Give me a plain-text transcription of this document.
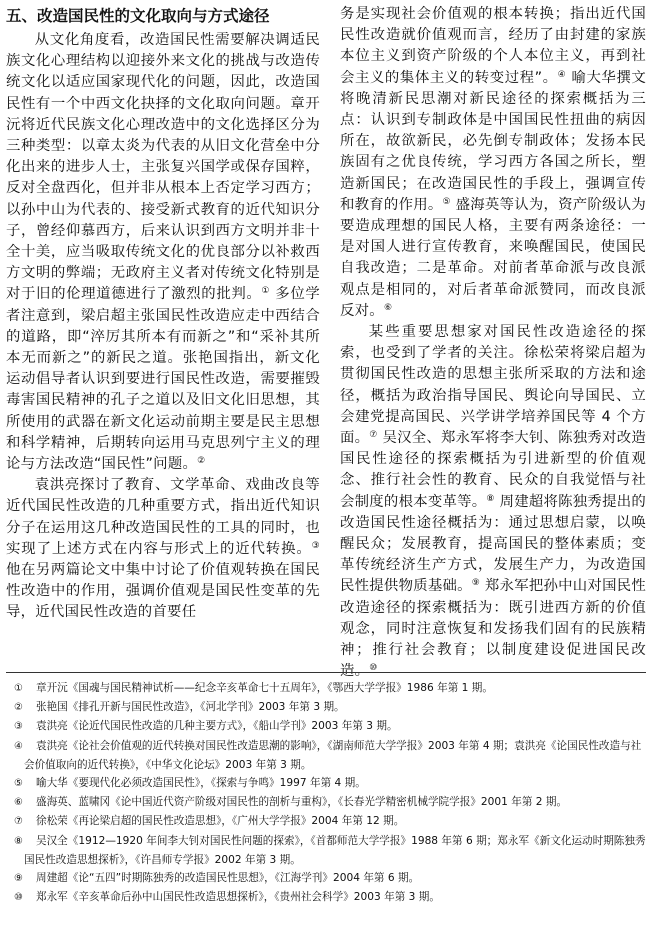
五、改造国民性的文化取向与方式途径

从文化角度看，改造国民性需要解决调适民族文化心理结构以迎接外来文化的挑战与改造传统文化以适应国家现代化的问题，因此，改造国民性有一个中西文化抉择的文化取向问题。章开沅将近代民族文化心理改造中的文化选择区分为三种类型：以章太炎为代表的从旧文化营垒中分化出来的进步人士，主张复兴国学或保存国粹，反对全盘西化，但并非从根本上否定学习西方；以孙中山为代表的、接受新式教育的近代知识分子，曾经仰慕西方，后来认识到西方文明并非十全十美，应当吸取传统文化的优良部分以补救西方文明的弊端；无政府主义者对传统文化特别是对于旧的伦理道德进行了激烈的批判。① 多位学者注意到，梁启超主张国民性改造应走中西结合的道路，即“淬厉其所本有而新之”和“采补其所本无而新之”的新民之道。张艳国指出，新文化运动倡导者认识到要进行国民性改造，需要摧毁毒害国民精神的孔子之道以及旧文化旧思想，其所使用的武器在新文化运动前期主要是民主思想和科学精神，后期转向运用马克思列宁主义的理论与方法改造“国民性”问题。②

袁洪亮探讨了教育、文学革命、戏曲改良等近代国民性改造的几种重要方式，指出近代知识分子在运用这几种改造国民性的工具的同时，也实现了上述方式在内容与形式上的近代转换。③ 他在另两篇论文中集中讨论了价值观转换在国民性改造中的作用，强调价值观是国民性变革的先导，近代国民性改造的首要任

务是实现社会价值观的根本转换；指出近代国民性改造就价值观而言，经历了由封建的家族本位主义到资产阶级的个人本位主义，再到社会主义的集体主义的转变过程”。④ 喻大华撰文将晚清新民思潮对新民途径的探索概括为三点：认识到专制政体是中国国民性扭曲的病因所在，故欲新民，必先倒专制政体；发扬本民族固有之优良传统，学习西方各国之所长，塑造新国民；在改造国民性的手段上，强调宣传和教育的作用。⑤ 盛海英等认为，资产阶级认为要造成理想的国民人格，主要有两条途径：一是对国人进行宣传教育，来唤醒国民，使国民自我改造；二是革命。对前者革命派与改良派观点是相同的，对后者革命派赞同，而改良派反对。⑥

某些重要思想家对国民性改造途径的探索，也受到了学者的关注。徐松荣将梁启超为贯彻国民性改造的思想主张所采取的方法和途径，概括为政治指导国民、舆论向导国民、立会建党提高国民、兴学讲学培养国民等 4 个方面。⑦ 吴汉全、郑永军将李大钊、陈独秀对改造国民性途径的探索概括为引进新型的价值观念、推行社会性的教育、民众的自我觉悟与社会制度的根本变革等。⑧ 周建超将陈独秀提出的改造国民性途径概括为：通过思想启蒙，以唤醒民众；发展教育，提高国民的整体素质；变革传统经济生产方式，发展生产力，为改造国民性提供物质基础。⑨ 郑永军把孙中山对国民性改造途径的探索概括为：既引进西方新的价值观念，同时注意恢复和发扬我们固有的民族精神；推行社会教育；以制度建设促进国民改造。⑩

① 章开沅《国魂与国民精神试析——纪念辛亥革命七十五周年》，《鄂西大学学报》1986 年第 1 期。

② 张艳国《排孔开新与国民性改造》，《河北学刊》2003 年第 3 期。

③ 袁洪亮《论近代国民性改造的几种主要方式》，《船山学刊》2003 年第 3 期。

④ 袁洪亮《论社会价值观的近代转换对国民性改造思潮的影响》，《湖南师范大学学报》2003 年第 4 期；袁洪亮《论国民性改造与社会价值取向的近代转换》，《中华文化论坛》2003 年第 3 期。

⑤ 喻大华《要现代化必须改造国民性》，《探索与争鸣》1997 年第 4 期。

⑥ 盛海英、蓝啸冈《论中国近代资产阶级对国民性的剖析与重构》，《长春光学精密机械学院学报》2001 年第 2 期。

⑦ 徐松荣《再论梁启超的国民性改造思想》，《广州大学学报》2004 年第 12 期。

⑧ 吴汉全《1912—1920 年间李大钊对国民性问题的探索》，《首都师范大学学报》1988 年第 6 期；郑永军《新文化运动时期陈独秀国民性改造思想探析》，《许昌师专学报》2002 年第 3 期。

⑨ 周建超《论“五四”时期陈独秀的改造国民性思想》，《江海学刊》2004 年第 6 期。

⑩ 郑永军《辛亥革命后孙中山国民性改造思想探析》，《贵州社会科学》2003 年第 3 期。
